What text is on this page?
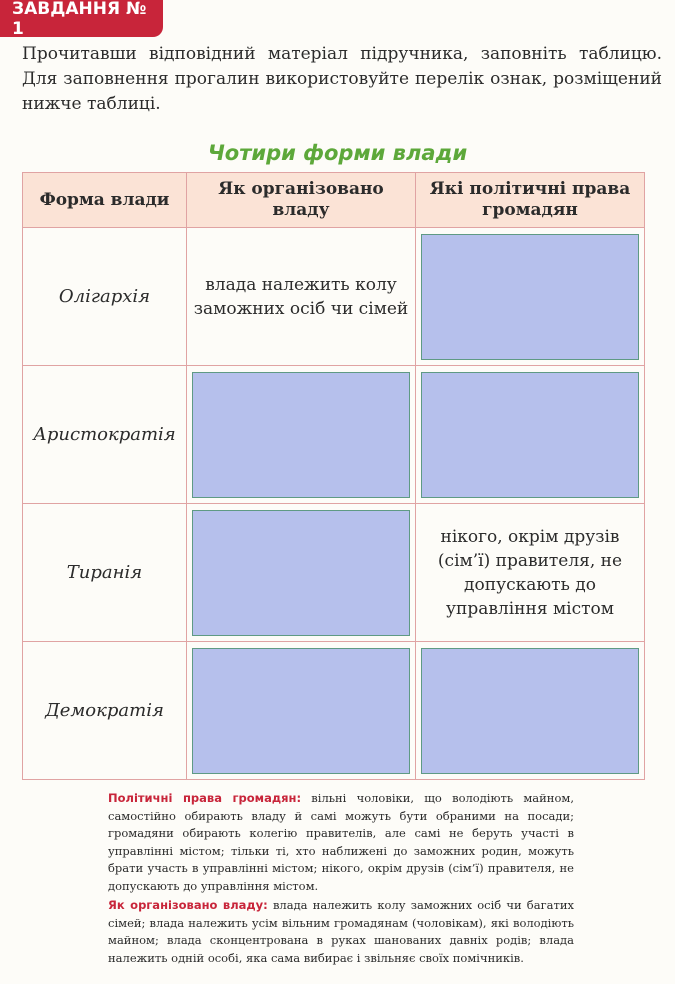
ЗАВДАННЯ № 1
Прочитавши відповідний матеріал підручника, заповніть таблицю. Для заповнення прогалин використовуйте перелік ознак, розміщений нижче таблиці.
Чотири форми влади
Форма влади	Як організовано владу	Які політичні права громадян
Олігархія	влада належить колу заможних осіб чи сімей	

Аристократія	

Тиранія		нікого, окрім друзів (сім’ї) правителя, не допускають до управління містом
Демократія	

Політичні права громадян: вільні чоловіки, що володіють майном, самостійно обирають владу й самі можуть бути обраними на посади; громадяни обирають колегію правителів, але самі не беруть участі в управлінні містом; тільки ті, хто наближені до заможних родин, можуть брати участь в управлінні містом; нікого, окрім друзів (сім’ї) правителя, не допускають до управління містом.

Як організовано владу: влада належить колу заможних осіб чи багатих сімей; влада належить усім вільним громадянам (чоловікам), які володіють майном; влада сконцентрована в руках шанованих давніх родів; влада належить одній особі, яка сама вибирає і звільняє своїх помічників.
